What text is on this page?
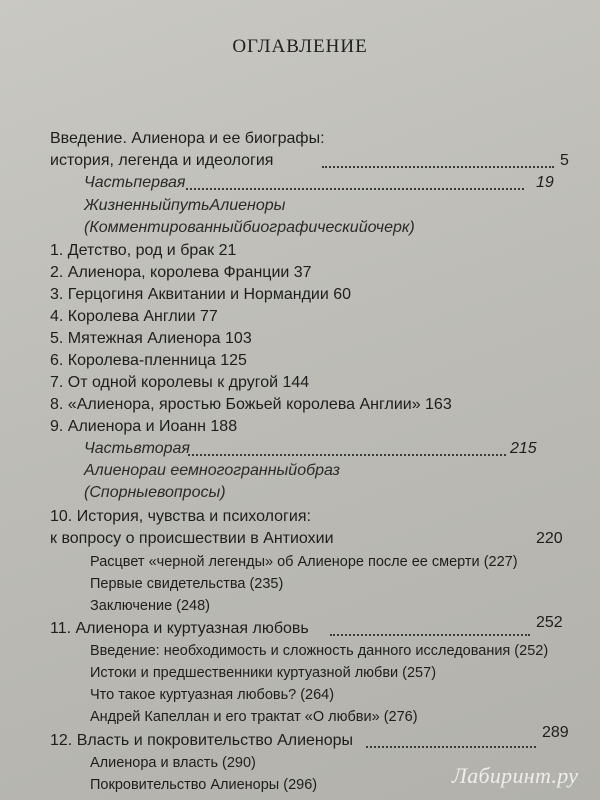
ОГЛАВЛЕНИЕ
Введение. Алиенора и ее биографы:
история, легенда и идеология	5
Частьпервая	19
ЖизненныйпутьАлиеноры
(Комментированныйбиографическийочерк)
1. Детство, род и брак 21
2. Алиенора, королева Франции 37
3. Герцогиня Аквитании и Нормандии 60
4. Королева Англии 77
5. Мятежная Алиенора 103
6. Королева-пленница 125
7. От одной королевы к другой 144
8. «Алиенора, яростью Божьей королева Англии» 163
9. Алиенора и Иоанн 188
Частьвторая	215
Алиенораи еемногогранныйобраз
(Спорныевопросы)
10. История, чувства и психология:
к вопросу о происшествии в Антиохии	220
Расцвет «черной легенды» об Алиеноре после ее смерти (227)
Первые свидетельства (235)
Заключение (248)
11. Алиенора и куртуазная любовь	252
Введение: необходимость и сложность данного исследования (252)
Истоки и предшественники куртуазной любви (257)
Что такое куртуазная любовь? (264)
Андрей Капеллан и его трактат «О любви» (276)
12. Власть и покровительство Алиеноры	289
Алиенора и власть (290)
Покровительство Алиеноры (296)	Лабиринт.ру
